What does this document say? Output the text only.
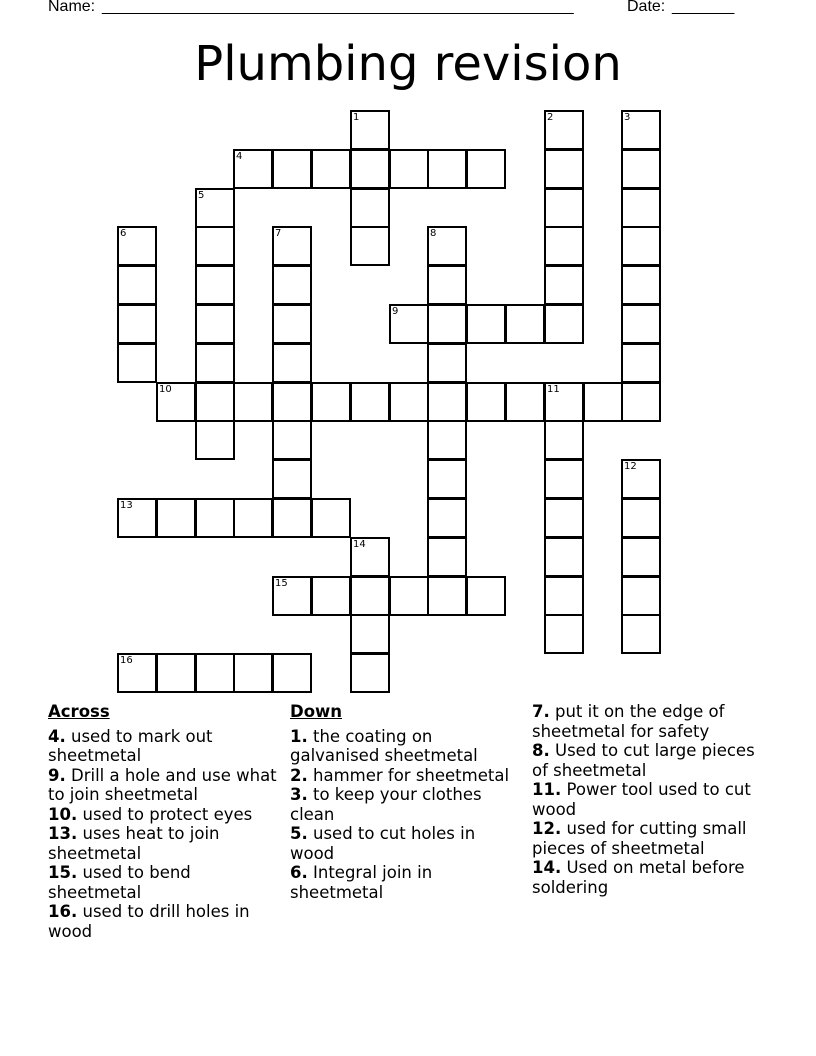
Name:

_____________________________________________________

	Date:

_______

Plumbing revision
1	2	3
4
5
6	7	8
9
10	11
12
13
14
15
16
Across
4. used to mark out sheetmetal
9. Drill a hole and use what to join sheetmetal
10. used to protect eyes
13. uses heat to join sheetmetal
15. used to bend sheetmetal
16. used to drill holes in wood
Down
1. the coating on galvanised sheetmetal
2. hammer for sheetmetal
3. to keep your clothes clean
5. used to cut holes in wood
6. Integral join in sheetmetal
7. put it on the edge of sheetmetal for safety
8. Used to cut large pieces of sheetmetal
11. Power tool used to cut wood
12. used for cutting small pieces of sheetmetal
14. Used on metal before soldering
